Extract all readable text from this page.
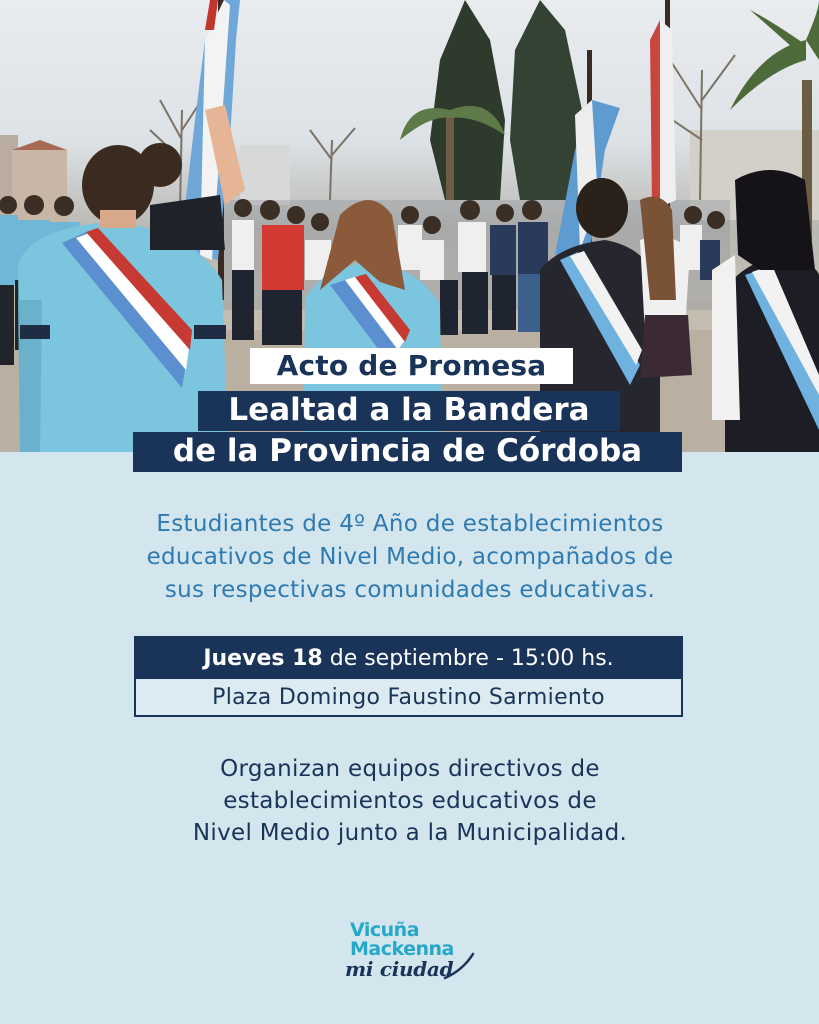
Acto de Promesa
Lealtad a la Bandera
de la Provincia de Córdoba
Estudiantes de 4º Año de establecimientos
educativos de Nivel Medio, acompañados de
sus respectivas comunidades educativas.
Jueves 18 de septiembre - 15:00 hs.
Plaza Domingo Faustino Sarmiento
Organizan equipos directivos de
establecimientos educativos de
Nivel Medio junto a la Municipalidad.
Vicuña
Mackenna
mi ciudad
